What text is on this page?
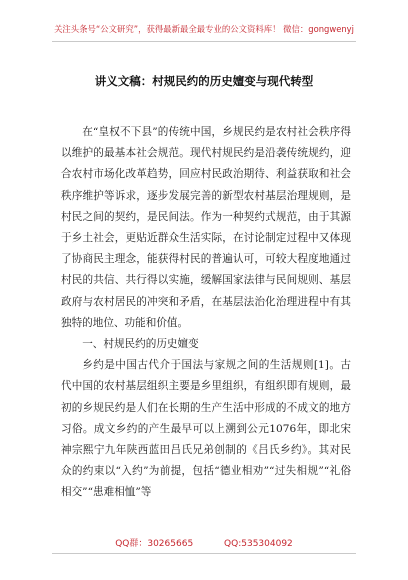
关注头条号“公文研究”，获得最新最全最专业的公文资料库！ 微信：gongwenyj
讲义文稿：村规民约的历史嬗变与现代转型

在“皇权不下县”的传统中国，乡规民约是农村社会秩序得以维护的最基本社会规范。现代村规民约是沿袭传统规约，迎合农村市场化改革趋势，回应村民政治期待、利益获取和社会秩序维护等诉求，逐步发展完善的新型农村基层治理规则，是村民之间的契约，是民间法。作为一种契约式规范，由于其源于乡土社会，更贴近群众生活实际，在讨论制定过程中又体现了协商民主理念，能获得村民的普遍认可，可较大程度地通过村民的共信、共行得以实施，缓解国家法律与民间规则、基层政府与农村居民的冲突和矛盾，在基层法治化治理进程中有其独特的地位、功能和价值。

一、村规民约的历史嬗变

乡约是中国古代介于国法与家规之间的生活规则[1]。古代中国的农村基层组织主要是乡里组织，有组织即有规则，最初的乡规民约是人们在长期的生产生活中形成的不成文的地方习俗。成文乡约的产生最早可以上溯到公元1076年，即北宋神宗熙宁九年陕西蓝田吕氏兄弟创制的《吕氏乡约》。其对民众的约束以“入约”为前提，包括“德业相劝”“过失相规”“礼俗相交”“患难相恤”等

QQ群：30265665	QQ:535304092
